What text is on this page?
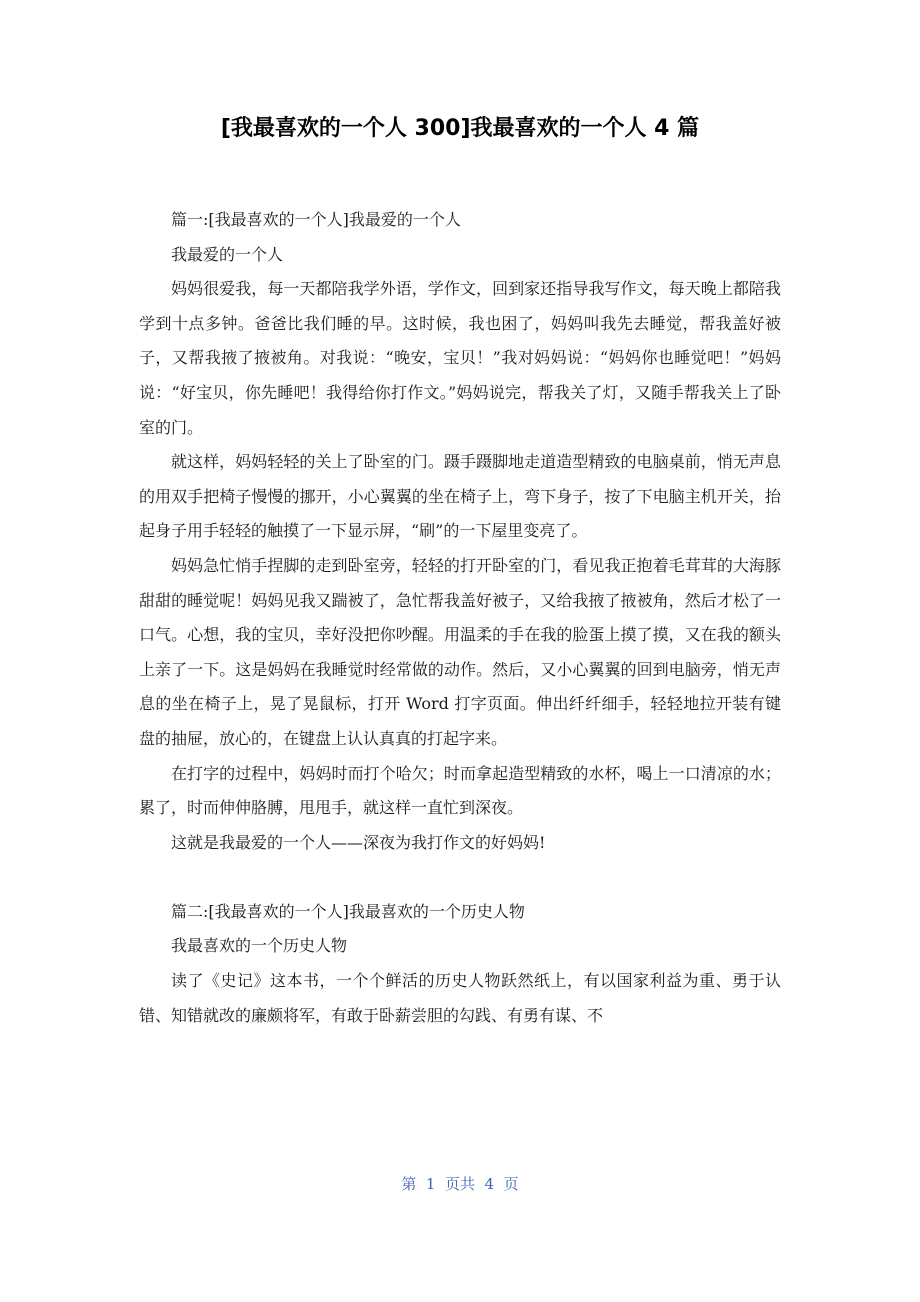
[我最喜欢的一个人 300]我最喜欢的一个人 4 篇

篇一:[我最喜欢的一个人]我最爱的一个人

我最爱的一个人

妈妈很爱我，每一天都陪我学外语，学作文，回到家还指导我写作文，每天晚上都陪我学到十点多钟。爸爸比我们睡的早。这时候，我也困了，妈妈叫我先去睡觉，帮我盖好被子，又帮我掖了掖被角。对我说：“晚安，宝贝！”我对妈妈说：“妈妈你也睡觉吧！”妈妈说：“好宝贝，你先睡吧！我得给你打作文。”妈妈说完，帮我关了灯，又随手帮我关上了卧室的门。

就这样，妈妈轻轻的关上了卧室的门。蹑手蹑脚地走道造型精致的电脑桌前，悄无声息的用双手把椅子慢慢的挪开，小心翼翼的坐在椅子上，弯下身子，按了下电脑主机开关，抬起身子用手轻轻的触摸了一下显示屏，“刷”的一下屋里变亮了。

妈妈急忙悄手捏脚的走到卧室旁，轻轻的打开卧室的门，看见我正抱着毛茸茸的大海豚甜甜的睡觉呢！妈妈见我又踹被了，急忙帮我盖好被子，又给我掖了掖被角，然后才松了一口气。心想，我的宝贝，幸好没把你吵醒。用温柔的手在我的脸蛋上摸了摸，又在我的额头上亲了一下。这是妈妈在我睡觉时经常做的动作。然后，又小心翼翼的回到电脑旁，悄无声息的坐在椅子上，晃了晃鼠标，打开 Word 打字页面。伸出纤纤细手，轻轻地拉开装有键盘的抽屉，放心的，在键盘上认认真真的打起字来。

在打字的过程中，妈妈时而打个哈欠；时而拿起造型精致的水杯，喝上一口清凉的水；累了，时而伸伸胳膊，甩甩手，就这样一直忙到深夜。

这就是我最爱的一个人——深夜为我打作文的好妈妈!

篇二:[我最喜欢的一个人]我最喜欢的一个历史人物

我最喜欢的一个历史人物

读了《史记》这本书，一个个鲜活的历史人物跃然纸上，有以国家利益为重、勇于认错、知错就改的廉颇将军，有敢于卧薪尝胆的勾践、有勇有谋、不

第  1  页共  4  页
